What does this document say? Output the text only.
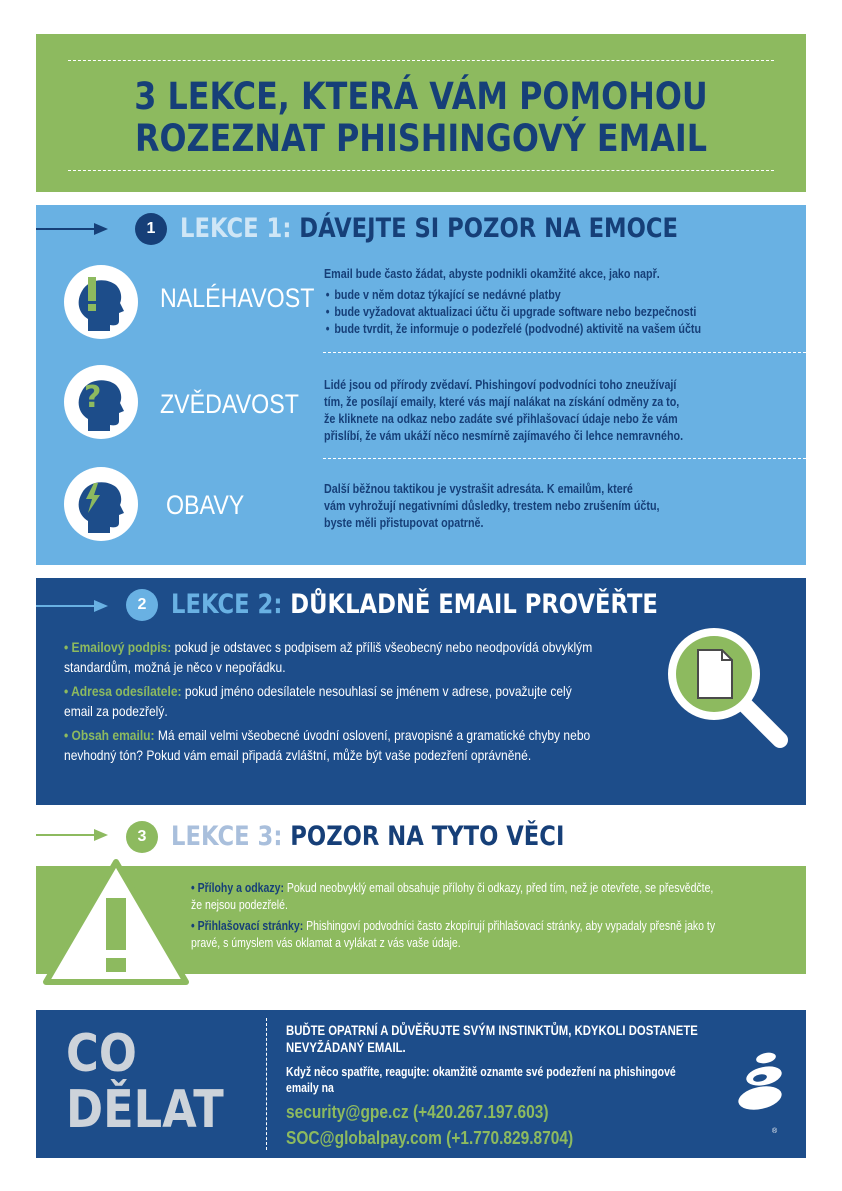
3 LEKCE, KTERÁ VÁM POMOHOU
ROZEZNAT PHISHINGOVÝ EMAIL
1 LEKCE 1: DÁVEJTE SI POZOR NA EMOCE
NALÉHAVOST
Email bude často žádat, abyste podnikli okamžité akce, jako např.
• bude v něm dotaz týkající se nedávné platby
• bude vyžadovat aktualizaci účtu či upgrade software nebo bezpečnosti
• bude tvrdit, že informuje o podezřelé (podvodné) aktivitě na vašem účtu
? ZVĚDAVOST
Lidé jsou od přírody zvědaví. Phishingoví podvodníci toho zneužívají
tím, že posílají emaily, které vás mají nalákat na získání odměny za to,
že kliknete na odkaz nebo zadáte své přihlašovací údaje nebo že vám
přislíbí, že vám ukáží něco nesmírně zajímavého či lehce nemravného.
OBAVY
Další běžnou taktikou je vystrašit adresáta. K emailům, které
vám vyhrožují negativními důsledky, trestem nebo zrušením účtu,
byste měli přistupovat opatrně.
2 LEKCE 2: DŮKLADNĚ EMAIL PROVĚŘTE
• Emailový podpis: pokud je odstavec s podpisem až příliš všeobecný nebo neodpovídá obvyklým
standardům, možná je něco v nepořádku.
• Adresa odesílatele: pokud jméno odesílatele nesouhlasí se jménem v adrese, považujte celý
email za podezřelý.
• Obsah emailu: Má email velmi všeobecné úvodní oslovení, pravopisné a gramatické chyby nebo
nevhodný tón? Pokud vám email připadá zvláštní, může být vaše podezření oprávněné.
3 LEKCE 3: POZOR NA TYTO VĚCI
• Přílohy a odkazy: Pokud neobvyklý email obsahuje přílohy či odkazy, před tím, než je otevřete, se přesvědčte,
že nejsou podezřelé.
• Přihlašovací stránky: Phishingoví podvodníci často zkopírují přihlašovací stránky, aby vypadaly přesně jako ty
pravé, s úmyslem vás oklamat a vylákat z vás vaše údaje.
CO
DĚLAT
BUĎTE OPATRNÍ A DŮVĚŘUJTE SVÝM INSTINKTŮM, KDYKOLI DOSTANETE
NEVYŽÁDANÝ EMAIL.
Když něco spatříte, reagujte: okamžitě oznamte své podezření na phishingové
emaily na
security@gpe.cz (+420.267.197.603)
SOC@globalpay.com (+1.770.829.8704)	®
